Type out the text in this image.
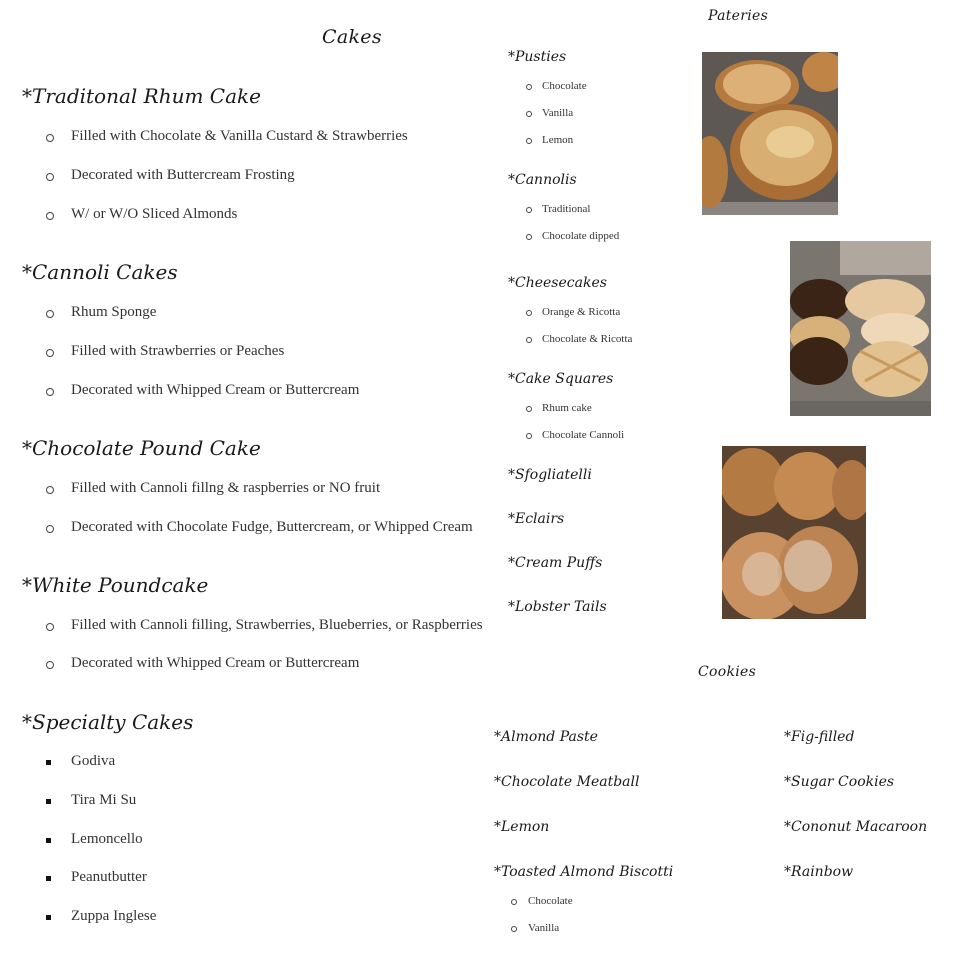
Cakes
*Traditonal Rhum Cake
Filled with Chocolate & Vanilla Custard & Strawberries
Decorated with Buttercream Frosting
W/ or W/O Sliced Almonds
*Cannoli Cakes
Rhum Sponge
Filled with Strawberries or Peaches
Decorated with Whipped Cream or Buttercream
*Chocolate Pound Cake
Filled with Cannoli fillng & raspberries or NO fruit
Decorated with Chocolate Fudge, Buttercream, or Whipped Cream
*White Poundcake
Filled with Cannoli filling, Strawberries, Blueberries, or Raspberries
Decorated with Whipped Cream or Buttercream
*Specialty Cakes
Godiva
Tira Mi Su
Lemoncello
Peanutbutter
Zuppa Inglese
Pateries
*Pusties
Chocolate
Vanilla
Lemon
*Cannolis
Traditional
Chocolate dipped
*Cheesecakes
Orange & Ricotta
Chocolate & Ricotta
*Cake Squares
Rhum cake
Chocolate Cannoli
*Sfogliatelli
*Eclairs
*Cream Puffs
*Lobster Tails
Cookies
*Almond Paste
*Chocolate Meatball
*Lemon
*Toasted Almond Biscotti
Chocolate
Vanilla
*Fig-filled
*Sugar Cookies
*Cononut Macaroon
*Rainbow
